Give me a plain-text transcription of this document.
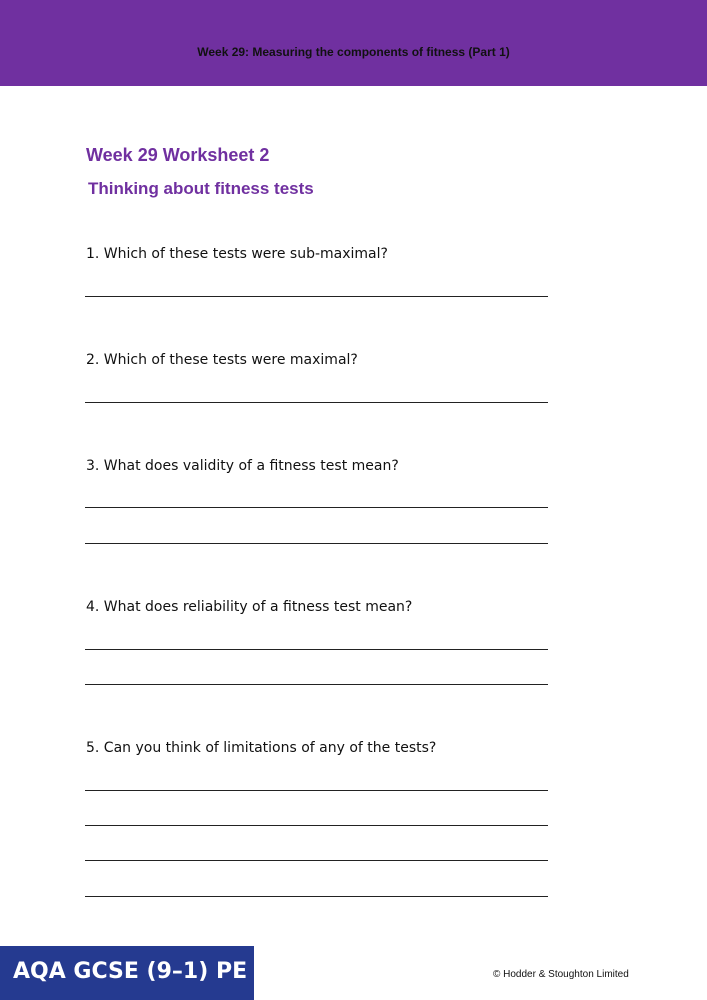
Week 29: Measuring the components of fitness (Part 1)
Week 29 Worksheet 2
Thinking about fitness tests
1. Which of these tests were sub-maximal?
2. Which of these tests were maximal?
3. What does validity of a fitness test mean?
4. What does reliability of a fitness test mean?
5. Can you think of limitations of any of the tests?
AQA GCSE (9–1) PE	© Hodder & Stoughton Limited
